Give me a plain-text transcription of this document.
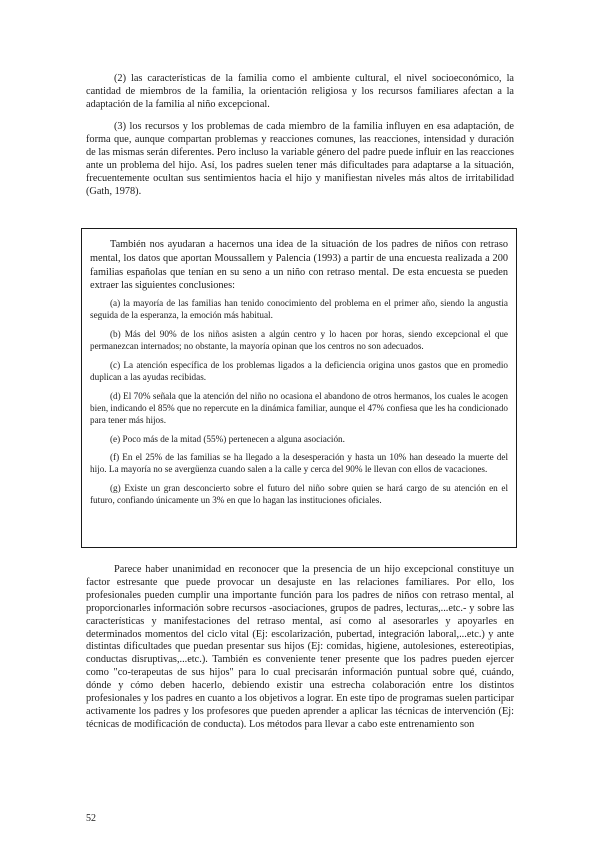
(2) las características de la familia como el ambiente cultural, el nivel socioeconómico, la cantidad de miembros de la familia, la orientación religiosa y los recursos familiares afectan a la adaptación de la familia al niño excepcional.

(3) los recursos y los problemas de cada miembro de la familia influyen en esa adaptación, de forma que, aunque compartan problemas y reacciones comunes, las reacciones, intensidad y duración de las mismas serán diferentes. Pero incluso la variable género del padre puede influir en las reacciones ante un problema del hijo. Así, los padres suelen tener más dificultades para adaptarse a la situación, frecuentemente ocultan sus sentimientos hacia el hijo y manifiestan niveles más altos de irritabilidad (Gath, 1978).

También nos ayudaran a hacernos una idea de la situación de los padres de niños con retraso mental, los datos que aportan Moussallem y Palencia (1993) a partir de una encuesta realizada a 200 familias españolas que tenían en su seno a un niño con retraso mental. De esta encuesta se pueden extraer las siguientes conclusiones:

(a) la mayoría de las familias han tenido conocimiento del problema en el primer año, siendo la angustia seguida de la esperanza, la emoción más habitual.

(b) Más del 90% de los niños asisten a algún centro y lo hacen por horas, siendo excepcional el que permanezcan internados; no obstante, la mayoría opinan que los centros no son adecuados.

(c) La atención específica de los problemas ligados a la deficiencia origina unos gastos que en promedio duplican a las ayudas recibidas.

(d) El 70% señala que la atención del niño no ocasiona el abandono de otros hermanos, los cuales le acogen bien, indicando el 85% que no repercute en la dinámica familiar, aunque el 47% confiesa que les ha condicionado para tener más hijos.

(e) Poco más de la mitad (55%) pertenecen a alguna asociación.

(f) En el 25% de las familias se ha llegado a la desesperación y hasta un 10% han deseado la muerte del hijo. La mayoría no se avergüenza cuando salen a la calle y cerca del 90% le llevan con ellos de vacaciones.

(g) Existe un gran desconcierto sobre el futuro del niño sobre quien se hará cargo de su atención en el futuro, confiando únicamente un 3% en que lo hagan las instituciones oficiales.

Parece haber unanimidad en reconocer que la presencia de un hijo excepcional constituye un factor estresante que puede provocar un desajuste en las relaciones familiares. Por ello, los profesionales pueden cumplir una importante función para los padres de niños con retraso mental, al proporcionarles información sobre recursos -asociaciones, grupos de padres, lecturas,...etc.- y sobre las características y manifestaciones del retraso mental, así como al asesorarles y apoyarles en determinados momentos del ciclo vital (Ej: escolarización, pubertad, integración laboral,...etc.) y ante distintas dificultades que puedan presentar sus hijos (Ej: comidas, higiene, autolesiones, estereotipias, conductas disruptivas,...etc.). También es conveniente tener presente que los padres pueden ejercer como "co-terapeutas de sus hijos" para lo cual precisarán información puntual sobre qué, cuándo, dónde y cómo deben hacerlo, debiendo existir una estrecha colaboración entre los distintos profesionales y los padres en cuanto a los objetivos a lograr. En este tipo de programas suelen participar activamente los padres y los profesores que pueden aprender a aplicar las técnicas de intervención (Ej: técnicas de modificación de conducta). Los métodos para llevar a cabo este entrenamiento son

52
